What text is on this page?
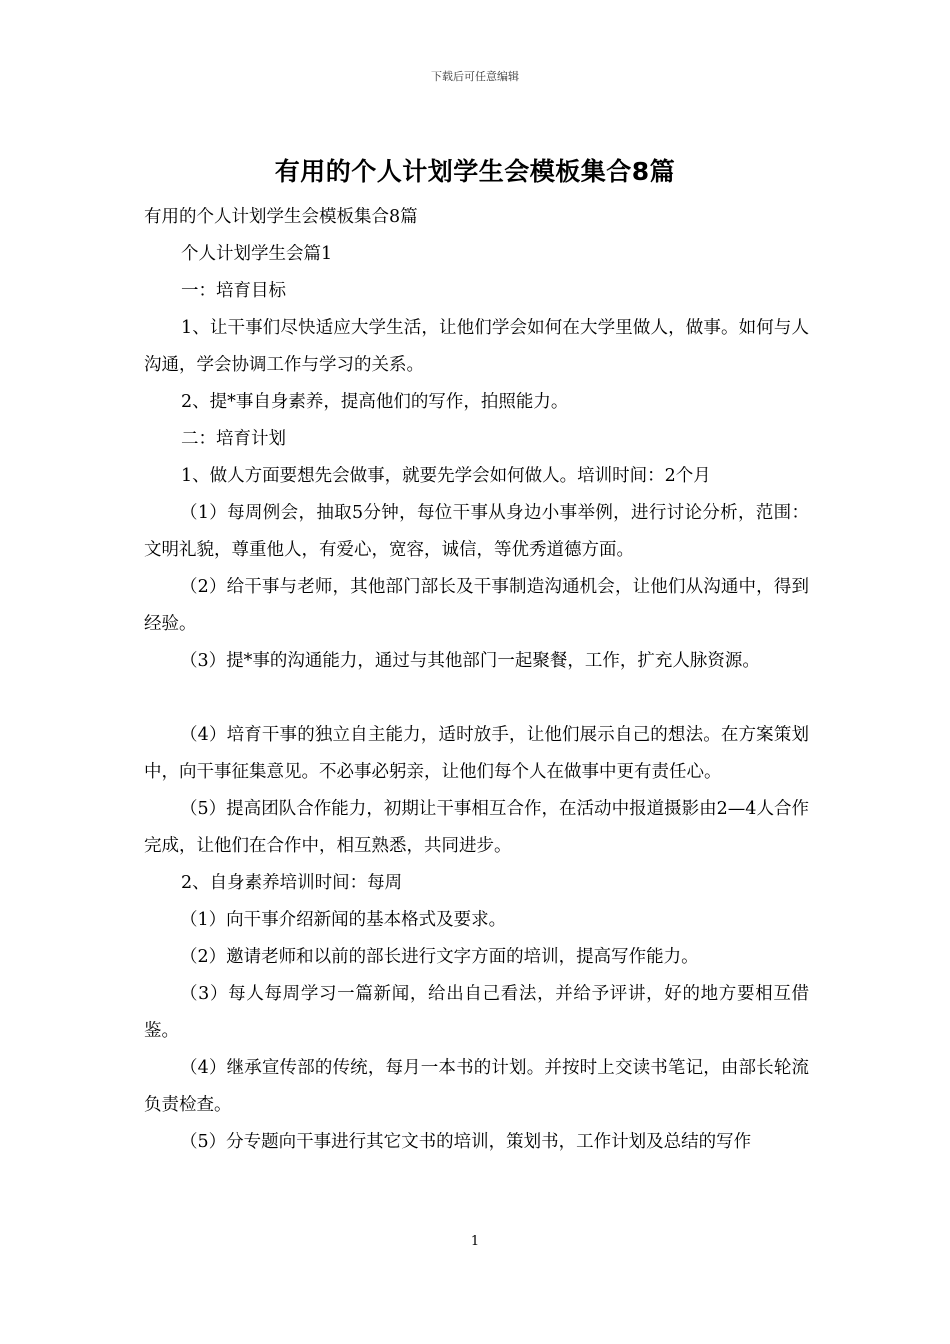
下载后可任意编辑
有用的个人计划学生会模板集合8篇

有用的个人计划学生会模板集合8篇

个人计划学生会篇1

一：培育目标

1、让干事们尽快适应大学生活，让他们学会如何在大学里做人，做事。如何与人沟通，学会协调工作与学习的关系。

2、提*事自身素养，提高他们的写作，拍照能力。

二：培育计划

1、做人方面要想先会做事，就要先学会如何做人。培训时间：2个月

（1）每周例会，抽取5分钟，每位干事从身边小事举例，进行讨论分析，范围：文明礼貌，尊重他人，有爱心，宽容，诚信，等优秀道德方面。

（2）给干事与老师，其他部门部长及干事制造沟通机会，让他们从沟通中，得到经验。

（3）提*事的沟通能力，通过与其他部门一起聚餐，工作，扩充人脉资源。

（4）培育干事的独立自主能力，适时放手，让他们展示自己的想法。在方案策划中，向干事征集意见。不必事必躬亲，让他们每个人在做事中更有责任心。

（5）提高团队合作能力，初期让干事相互合作，在活动中报道摄影由2—4人合作完成，让他们在合作中，相互熟悉，共同进步。

2、自身素养培训时间：每周

（1）向干事介绍新闻的基本格式及要求。

（2）邀请老师和以前的部长进行文字方面的培训，提高写作能力。

（3）每人每周学习一篇新闻，给出自己看法，并给予评讲，好的地方要相互借鉴。

（4）继承宣传部的传统，每月一本书的计划。并按时上交读书笔记，由部长轮流负责检查。

（5）分专题向干事进行其它文书的培训，策划书，工作计划及总结的写作

1
